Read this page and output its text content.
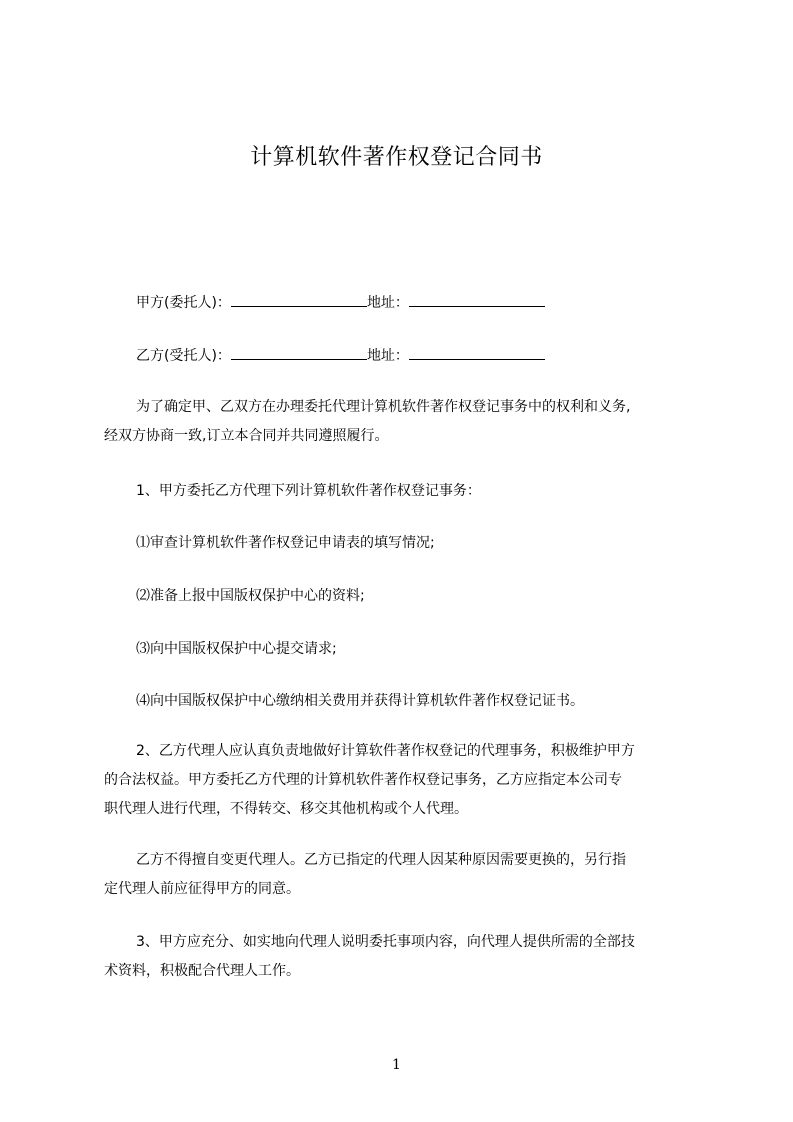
计算机软件著作权登记合同书
甲方(委托人)：	地址：
乙方(受托人)：	地址：
为了确定甲、乙双方在办理委托代理计算机软件著作权登记事务中的权利和义务,
经双方协商一致,订立本合同并共同遵照履行。
1、甲方委托乙方代理下列计算机软件著作权登记事务：
⑴审查计算机软件著作权登记申请表的填写情况;
⑵准备上报中国版权保护中心的资料;
⑶向中国版权保护中心提交请求;
⑷向中国版权保护中心缴纳相关费用并获得计算机软件著作权登记证书。
2、乙方代理人应认真负责地做好计算软件著作权登记的代理事务，积极维护甲方
的合法权益。甲方委托乙方代理的计算机软件著作权登记事务，乙方应指定本公司专
职代理人进行代理，不得转交、移交其他机构或个人代理。
乙方不得擅自变更代理人。乙方已指定的代理人因某种原因需要更换的，另行指
定代理人前应征得甲方的同意。
3、甲方应充分、如实地向代理人说明委托事项内容，向代理人提供所需的全部技
术资料，积极配合代理人工作。
1
